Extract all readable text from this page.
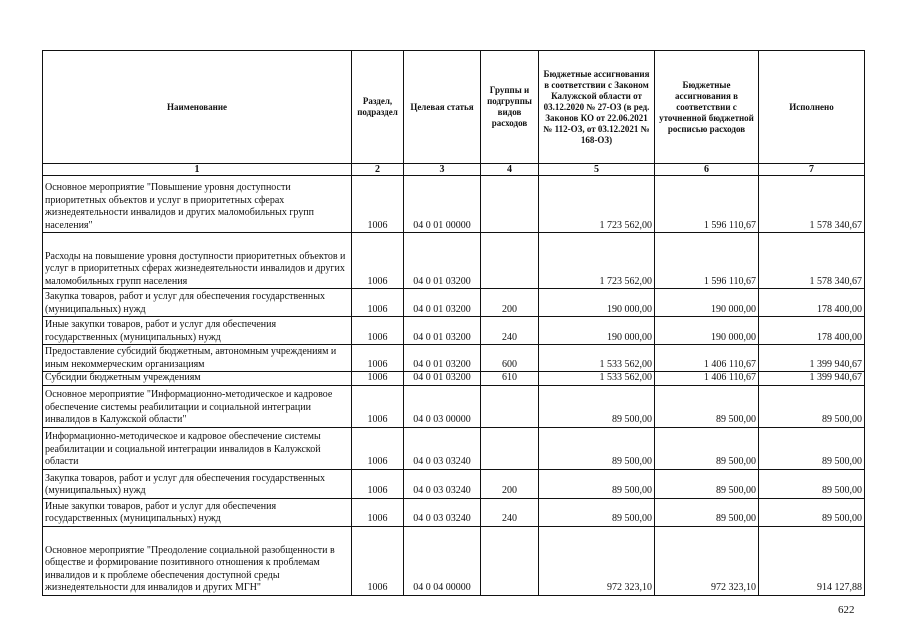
Наименование	Раздел, подраздел	Целевая статья	Группы и подгруппы видов расходов	Бюджетные ассигнования в соответствии с Законом Калужской области от 03.12.2020 № 27-ОЗ (в ред. Законов КО от 22.06.2021 № 112-ОЗ, от 03.12.2021 № 168-ОЗ)	Бюджетные ассигнования в соответствии с уточненной бюджетной росписью расходов	Исполнено
1	2	3	4	5	6	7
Основное мероприятие "Повышение уровня доступности приоритетных объектов и услуг в приоритетных сферах жизнедеятельности инвалидов и других маломобильных групп населения"	1006	04 0 01 00000		1 723 562,00	1 596 110,67	1 578 340,67
Расходы на повышение уровня доступности приоритетных объектов и услуг в приоритетных сферах жизнедеятельности инвалидов и других маломобильных групп населения	1006	04 0 01 03200		1 723 562,00	1 596 110,67	1 578 340,67
Закупка товаров, работ и услуг для обеспечения государственных (муниципальных) нужд	1006	04 0 01 03200	200	190 000,00	190 000,00	178 400,00
Иные закупки товаров, работ и услуг для обеспечения государственных (муниципальных) нужд	1006	04 0 01 03200	240	190 000,00	190 000,00	178 400,00
Предоставление субсидий бюджетным, автономным учреждениям и иным некоммерческим организациям	1006	04 0 01 03200	600	1 533 562,00	1 406 110,67	1 399 940,67
Субсидии бюджетным учреждениям	1006	04 0 01 03200	610	1 533 562,00	1 406 110,67	1 399 940,67
Основное мероприятие "Информационно-методическое и кадровое обеспечение системы реабилитации и социальной интеграции инвалидов в Калужской области"	1006	04 0 03 00000		89 500,00	89 500,00	89 500,00
Информационно-методическое и кадровое обеспечение системы реабилитации и социальной интеграции инвалидов в Калужской области	1006	04 0 03 03240		89 500,00	89 500,00	89 500,00
Закупка товаров, работ и услуг для обеспечения государственных (муниципальных) нужд	1006	04 0 03 03240	200	89 500,00	89 500,00	89 500,00
Иные закупки товаров, работ и услуг для обеспечения государственных (муниципальных) нужд	1006	04 0 03 03240	240	89 500,00	89 500,00	89 500,00
Основное мероприятие "Преодоление социальной разобщенности в обществе и формирование позитивного отношения к проблемам инвалидов и к проблеме обеспечения доступной среды жизнедеятельности для инвалидов и других МГН"	1006	04 0 04 00000		972 323,10	972 323,10	914 127,88
622
